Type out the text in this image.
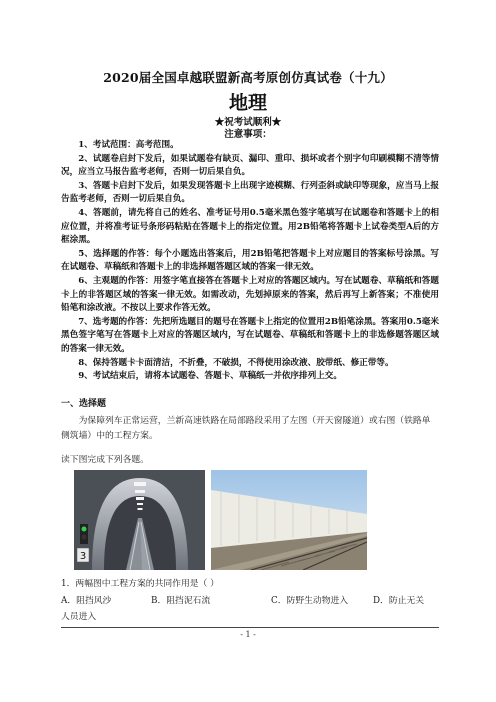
2020届全国卓越联盟新高考原创仿真试卷（十九）
地理
★祝考试顺利★
注意事项：

1、考试范围：高考范围。

2、试题卷启封下发后，如果试题卷有缺页、漏印、重印、损坏或者个别字句印刷模糊不清等情况，应当立马报告监考老师，否则一切后果自负。

3、答题卡启封下发后，如果发现答题卡上出现字迹模糊、行列歪斜或缺印等现象，应当马上报告监考老师，否则一切后果自负。

4、答题前，请先将自己的姓名、准考证号用0.5毫米黑色签字笔填写在试题卷和答题卡上的相应位置，并将准考证号条形码粘贴在答题卡上的指定位置。用2B铅笔将答题卡上试卷类型A后的方框涂黑。

5、选择题的作答：每个小题选出答案后，用2B铅笔把答题卡上对应题目的答案标号涂黑。写在试题卷、草稿纸和答题卡上的非选择题答题区域的答案一律无效。

6、主观题的作答：用签字笔直接答在答题卡上对应的答题区域内。写在试题卷、草稿纸和答题卡上的非答题区域的答案一律无效。如需改动，先划掉原来的答案，然后再写上新答案；不准使用铅笔和涂改液。不按以上要求作答无效。

7、选考题的作答：先把所选题目的题号在答题卡上指定的位置用2B铅笔涂黑。答案用0.5毫米黑色签字笔写在答题卡上对应的答题区域内，写在试题卷、草稿纸和答题卡上的非选修题答题区域的答案一律无效。

8、保持答题卡卡面清洁，不折叠，不破损，不得使用涂改液、胶带纸、修正带等。

9、考试结束后，请将本试题卷、答题卡、草稿纸一并依序排列上交。

一、选择题

为保障列车正常运营，兰新高速铁路在局部路段采用了左图（开天窗隧道）或右图（铁路单侧筑墙）中的工程方案。

读下图完成下列各题。
3
1．两幅图中工程方案的共同作用是（ ）
A．阻挡风沙	B．阻挡泥石流	C．防野生动物进入	D．防止无关
人员进入
- 1 -
